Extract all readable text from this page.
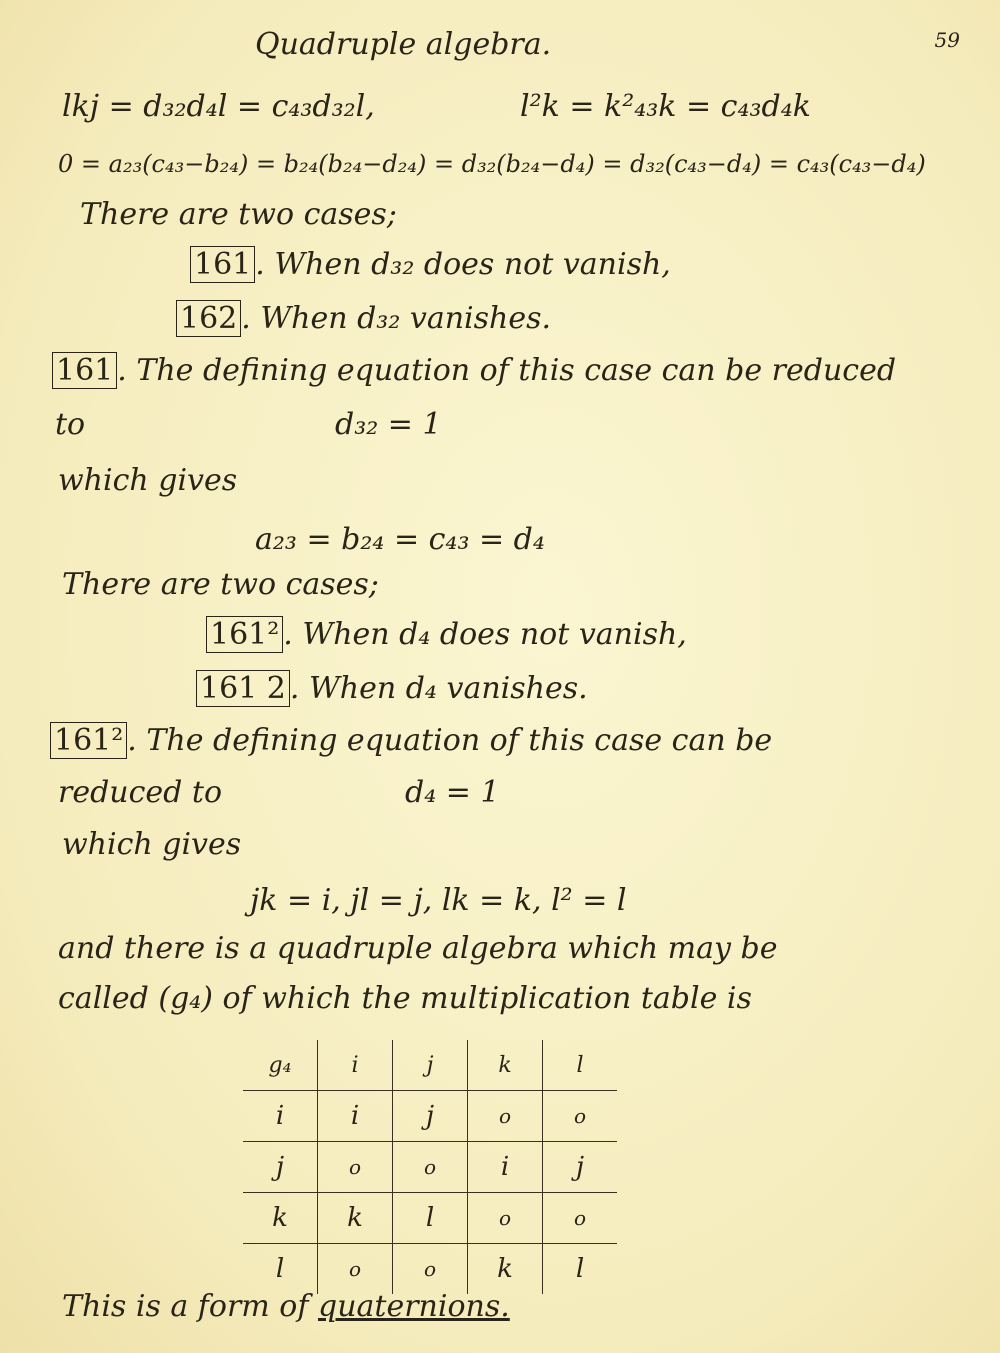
59
Quadruple algebra.
lkj = d₃₂d₄l = c₄₃d₃₂l,	l²k = k²₄₃k = c₄₃d₄k
0 = a₂₃(c₄₃−b₂₄) = b₂₄(b₂₄−d₂₄) = d₃₂(b₂₄−d₄) = d₃₂(c₄₃−d₄) = c₄₃(c₄₃−d₄)
There are two cases;
161 . When d₃₂ does not vanish,
162 . When d₃₂ vanishes.
161 . The defining equation of this case can be reduced
to	d₃₂ = 1
which gives
a₂₃ = b₂₄ = c₄₃ = d₄
There are two cases;
161² . When d₄ does not vanish,
161 2 . When d₄ vanishes.
161² . The defining equation of this case can be
reduced to	d₄ = 1
which gives
jk = i, jl = j, lk = k, l² = l
and there is a quadruple algebra which may be
called (g₄) of which the multiplication table is
g₄	i	j	k	l
i	i	j	o	o
j	o	o	i	j
k	k	l	o	o
l	o	o	k	l
This is a form of quaternions.
